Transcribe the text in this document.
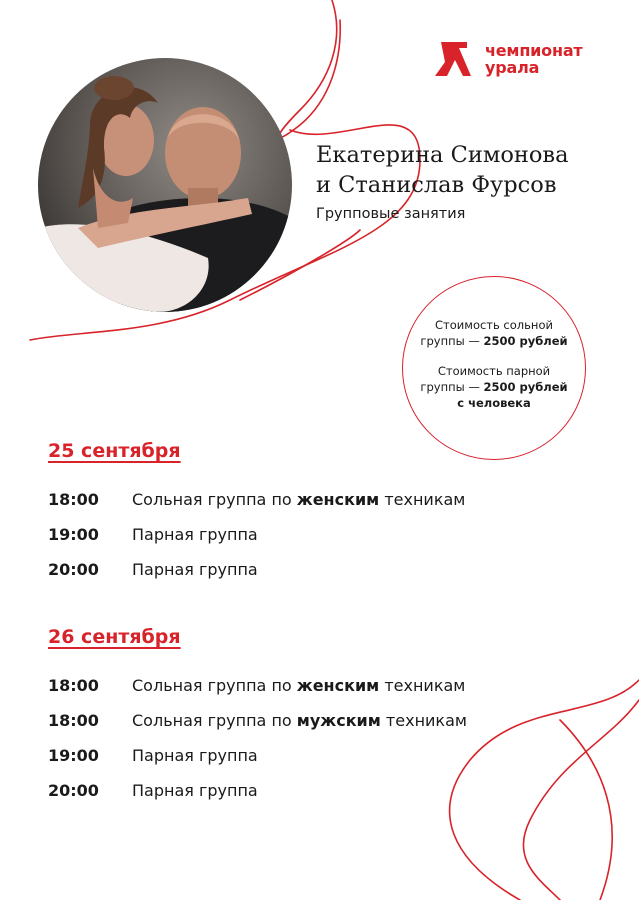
чемпионат
урала
Екатерина Симонова
и Станислав Фурсов
Групповые занятия
Стоимость сольной
группы — 2500 рублей
Стоимость парной
группы — 2500 рублей
с человека
25 сентября
18:00	Сольная группа по женским техникам
19:00	Парная группа
20:00	Парная группа
26 сентября
18:00	Сольная группа по женским техникам
18:00	Сольная группа по мужским техникам
19:00	Парная группа
20:00	Парная группа
